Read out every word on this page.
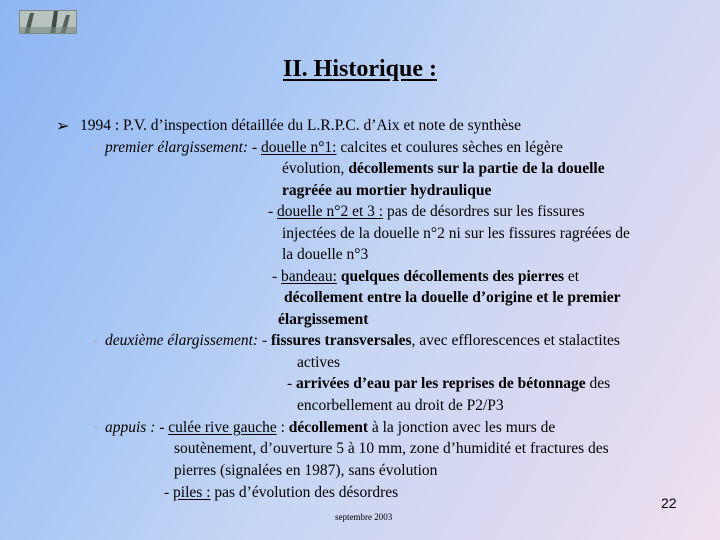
II. Historique :
➢ 1994 : P.V. d’inspection détaillée du L.R.P.C. d’Aix et note de synthèse
• premier élargissement: - douelle n°1: calcites et coulures sèches en légère
évolution, décollements sur la partie de la douelle
ragréée au mortier hydraulique
- douelle n°2 et 3 : pas de désordres sur les fissures
injectées de la douelle n°2 ni sur les fissures ragréées de
la douelle n°3
- bandeau: quelques décollements des pierres et
décollement entre la douelle d’origine et le premier
élargissement
• deuxième élargissement: - fissures transversales, avec efflorescences et stalactites
actives
- arrivées d’eau par les reprises de bétonnage des
encorbellement au droit de P2/P3
• appuis : - culée rive gauche : décollement à la jonction avec les murs de
soutènement, d’ouverture 5 à 10 mm, zone d’humidité et fractures des
pierres (signalées en 1987), sans évolution
- piles : pas d’évolution des désordres
22
septembre 2003
